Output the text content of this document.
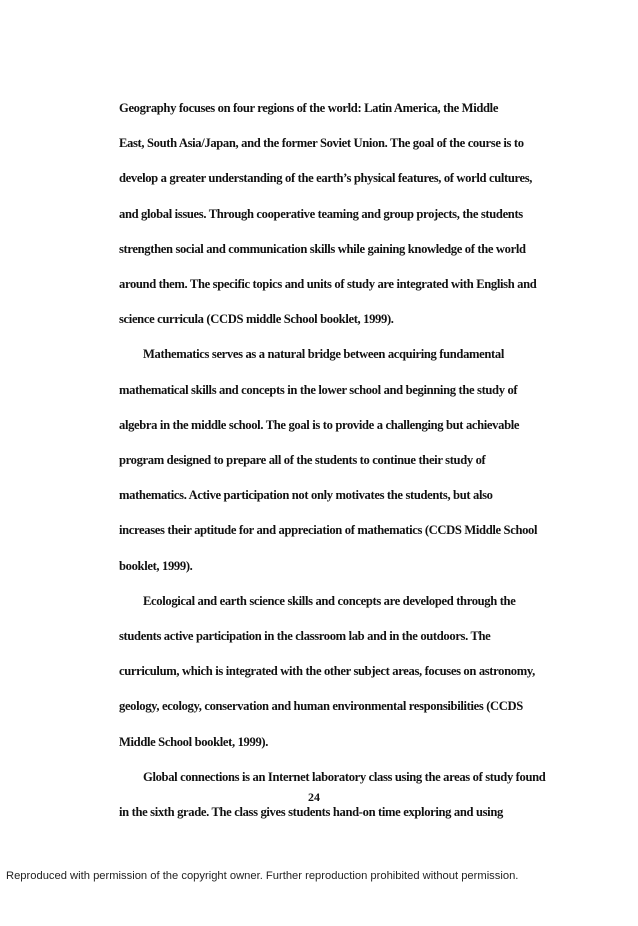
Geography focuses on four regions of the world: Latin America, the Middle
East, South Asia/Japan, and the former Soviet Union. The goal of the course is to
develop a greater understanding of the earth’s physical features, of world cultures,
and global issues. Through cooperative teaming and group projects, the students
strengthen social and communication skills while gaining knowledge of the world
around them. The specific topics and units of study are integrated with English and
science curricula (CCDS middle School booklet, 1999).
Mathematics serves as a natural bridge between acquiring fundamental
mathematical skills and concepts in the lower school and beginning the study of
algebra in the middle school. The goal is to provide a challenging but achievable
program designed to prepare all of the students to continue their study of
mathematics. Active participation not only motivates the students, but also
increases their aptitude for and appreciation of mathematics (CCDS Middle School
booklet, 1999).
Ecological and earth science skills and concepts are developed through the
students active participation in the classroom lab and in the outdoors. The
curriculum, which is integrated with the other subject areas, focuses on astronomy,
geology, ecology, conservation and human environmental responsibilities (CCDS
Middle School booklet, 1999).
24
Reproduced with permission of the copyright owner. Further reproduction prohibited without permission.
Global connections is an Internet laboratory class using the areas of study found
in the sixth grade. The class gives students hand-on time exploring and using
